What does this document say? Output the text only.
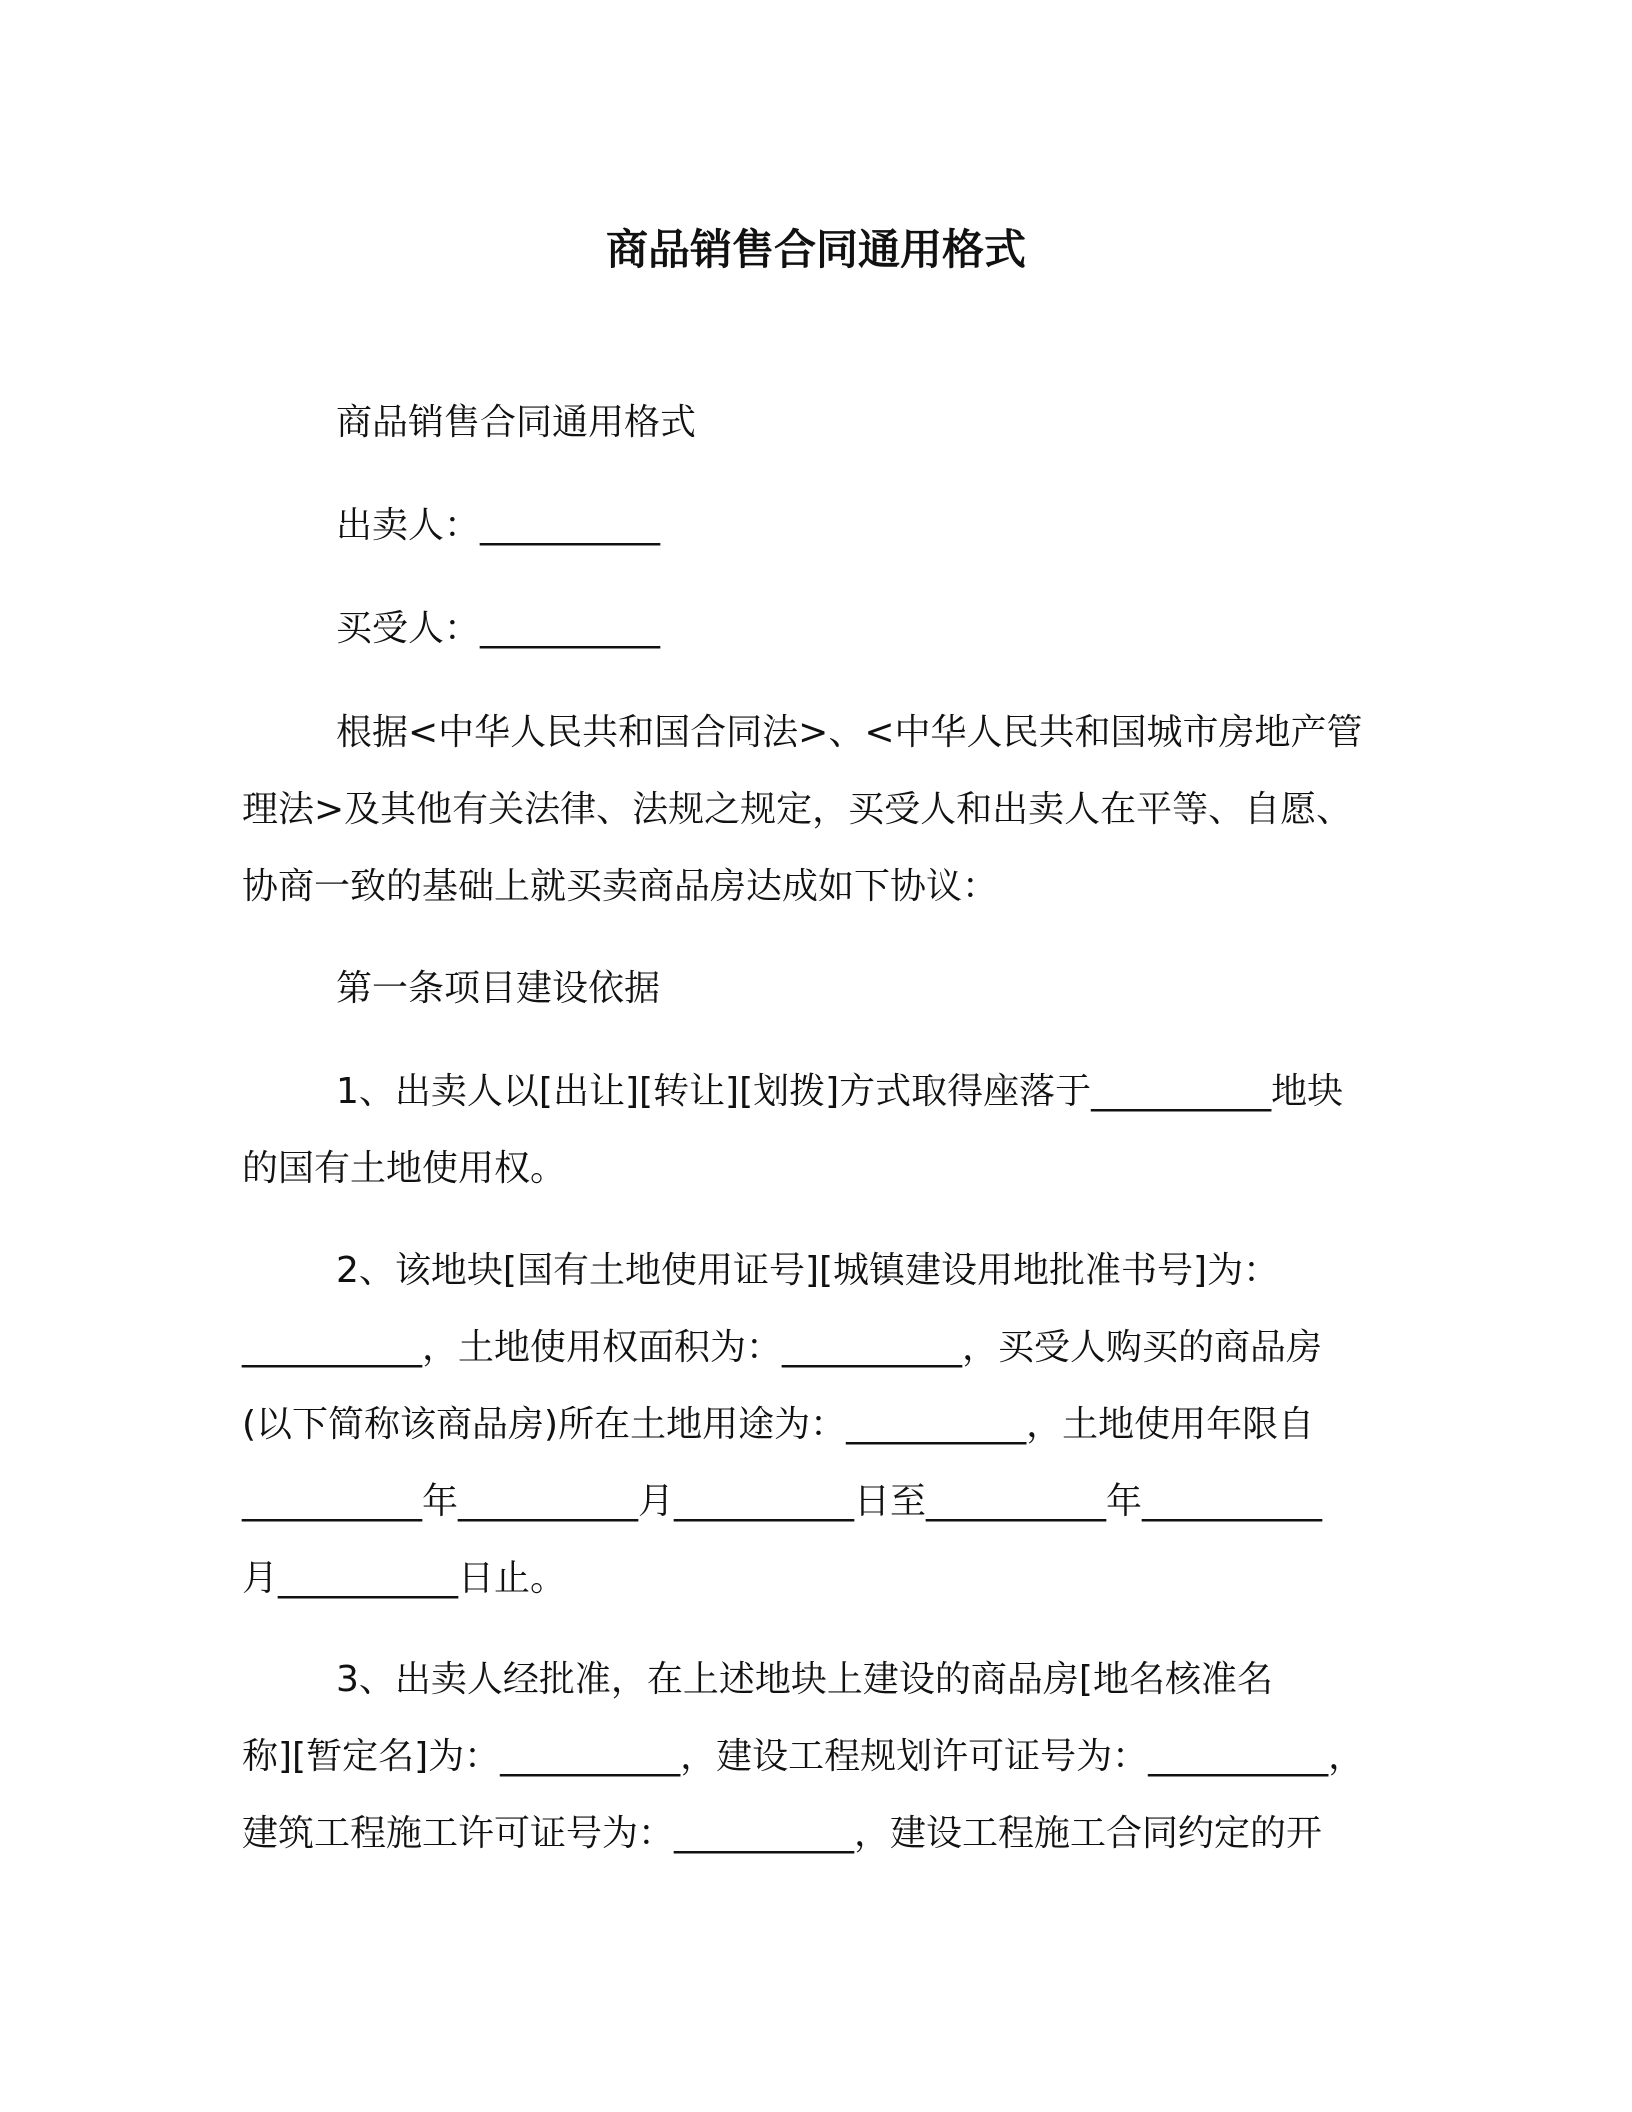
商品销售合同通用格式
商品销售合同通用格式
出卖人：__________
买受人：__________
根据<中华人民共和国合同法>、<中华人民共和国城市房地产管
理法>及其他有关法律、法规之规定，买受人和出卖人在平等、自愿、
协商一致的基础上就买卖商品房达成如下协议：
第一条项目建设依据
1、出卖人以[出让][转让][划拨]方式取得座落于__________地块
的国有土地使用权。
2、该地块[国有土地使用证号][城镇建设用地批准书号]为：
__________，土地使用权面积为：__________，买受人购买的商品房
(以下简称该商品房)所在土地用途为：__________，土地使用年限自
__________年__________月__________日至__________年__________
月__________日止。
3、出卖人经批准，在上述地块上建设的商品房[地名核准名
称][暂定名]为：__________，建设工程规划许可证号为：__________，
建筑工程施工许可证号为：__________，建设工程施工合同约定的开
